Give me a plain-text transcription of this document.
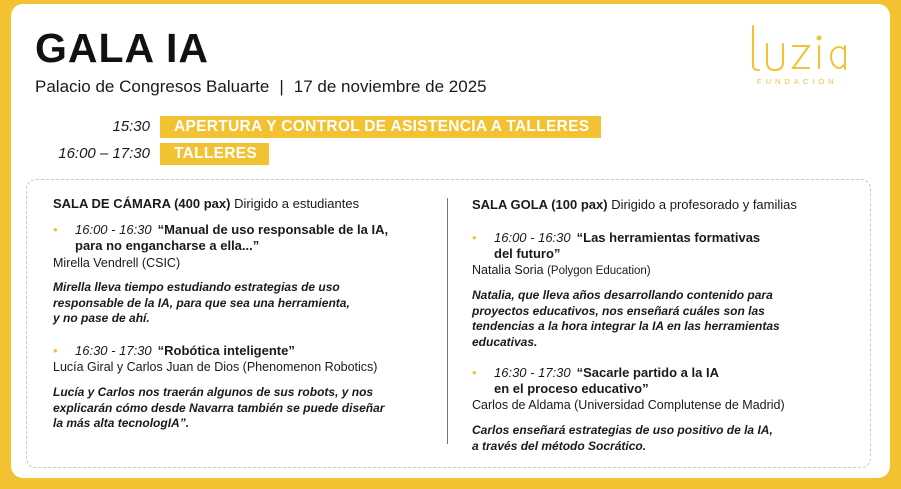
GALA IA
Palacio de Congresos Baluarte | 17 de noviembre de 2025	FUNDACIÓN
15:30	APERTURA Y CONTROL DE ASISTENCIA A TALLERES
16:00 – 17:30	TALLERES
SALA DE CÁMARA (400 pax) Dirigido a estudiantes
• 16:00 - 16:30 “Manual de uso responsable de la IA,
para no engancharse a ella...”
Mirella Vendrell (CSIC)
Mirella lleva tiempo estudiando estrategias de uso
responsable de la IA, para que sea una herramienta,
y no pase de ahí.
• 16:30 - 17:30 “Robótica inteligente”
Lucía Giral y Carlos Juan de Dios (Phenomenon Robotics)
Lucía y Carlos nos traerán algunos de sus robots, y nos
explicarán cómo desde Navarra también se puede diseñar
la más alta tecnologIA”.
SALA GOLA (100 pax) Dirigido a profesorado y familias
• 16:00 - 16:30 “Las herramientas formativas
del futuro”
Natalia Soria (Polygon Education)
Natalia, que lleva años desarrollando contenido para
proyectos educativos, nos enseñará cuáles son las
tendencias a la hora integrar la IA en las herramientas
educativas.
• 16:30 - 17:30 “Sacarle partido a la IA
en el proceso educativo”
Carlos de Aldama (Universidad Complutense de Madrid)
Carlos enseñará estrategias de uso positivo de la IA,
a través del método Socrático.
